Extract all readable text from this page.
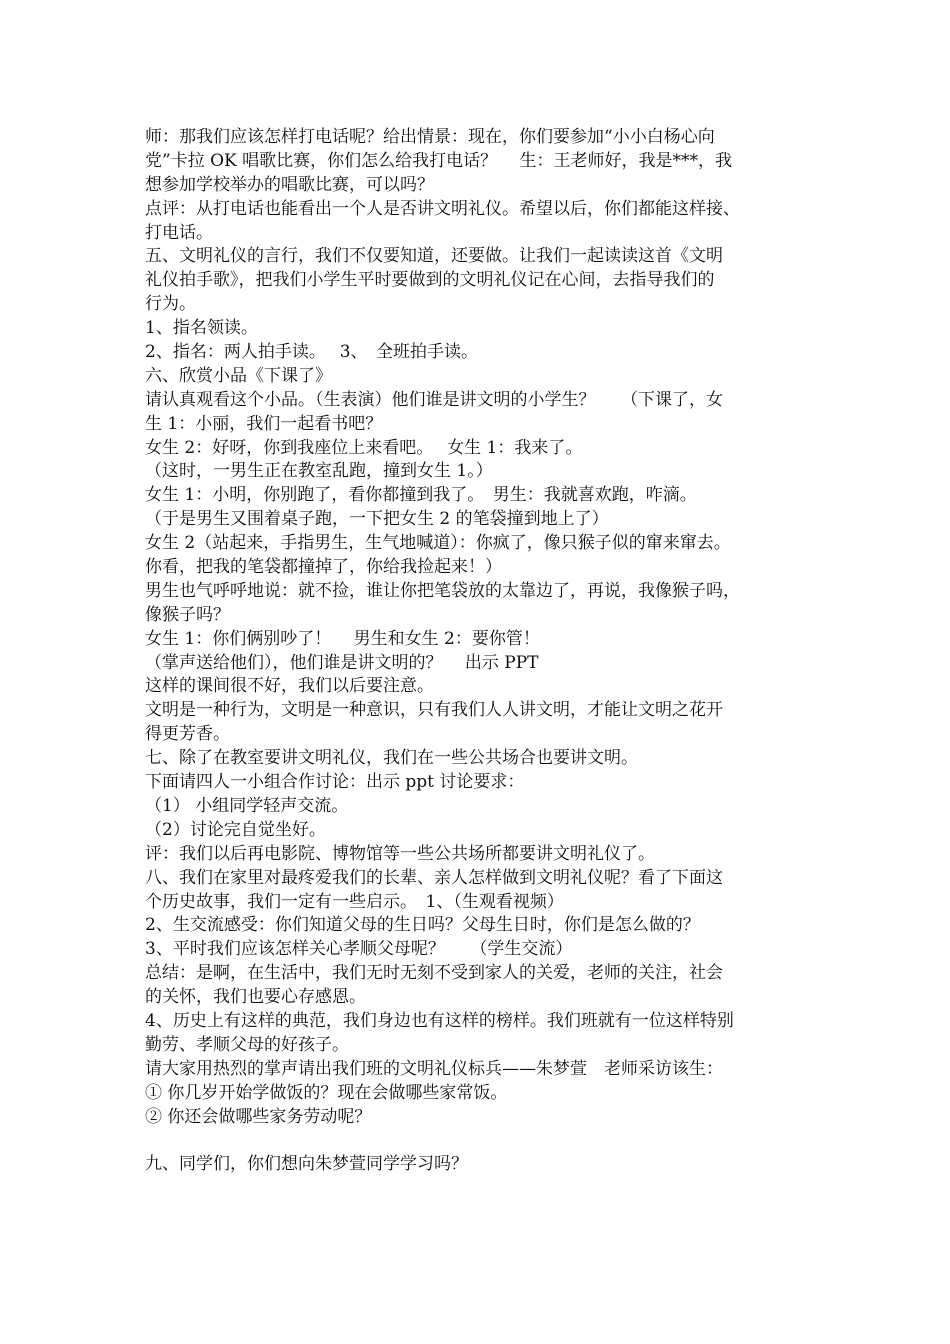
师：那我们应该怎样打电话呢？给出情景：现在，你们要参加“小小白杨心向
党”卡拉 OK 唱歌比赛，你们怎么给我打电话？　 生：王老师好，我是***，我
想参加学校举办的唱歌比赛，可以吗？
点评：从打电话也能看出一个人是否讲文明礼仪。希望以后，你们都能这样接、
打电话。
五、文明礼仪的言行，我们不仅要知道，还要做。让我们一起读读这首《文明
礼仪拍手歌》，把我们小学生平时要做到的文明礼仪记在心间，去指导我们的
行为。
1、指名领读。
2、指名：两人拍手读。　 3、　全班拍手读。
六、欣赏小品《下课了》
请认真观看这个小品。（生表演）他们谁是讲文明的小学生？　　（下课了，女
生 1：小丽，我们一起看书吧？
女生 2：好呀，你到我座位上来看吧。　 女生 1：我来了。
（这时，一男生正在教室乱跑，撞到女生 1。）
女生 1：小明，你别跑了，看你都撞到我了。　男生：我就喜欢跑，咋滴。
（于是男生又围着桌子跑，一下把女生 2 的笔袋撞到地上了）
女生 2（站起来，手指男生，生气地喊道）：你疯了，像只猴子似的窜来窜去。
你看，把我的笔袋都撞掉了，你给我捡起来！）
男生也气呼呼地说：就不捡，谁让你把笔袋放的太靠边了，再说，我像猴子吗，
像猴子吗？
女生 1：你们俩别吵了！　 男生和女生 2：要你管！
（掌声送给他们），他们谁是讲文明的？　 出示 PPT
这样的课间很不好，我们以后要注意。
文明是一种行为，文明是一种意识，只有我们人人讲文明，才能让文明之花开
得更芳香。
七、除了在教室要讲文明礼仪，我们在一些公共场合也要讲文明。
下面请四人一小组合作讨论：出示 ppt 讨论要求：
（1） 小组同学轻声交流。
（2）讨论完自觉坐好。
评：我们以后再电影院、博物馆等一些公共场所都要讲文明礼仪了。
八、我们在家里对最疼爱我们的长辈、亲人怎样做到文明礼仪呢？看了下面这
个历史故事，我们一定有一些启示。　1、（生观看视频）
2、生交流感受：你们知道父母的生日吗？父母生日时，你们是怎么做的？
3、平时我们应该怎样关心孝顺父母呢？　　（学生交流）
总结：是啊，在生活中，我们无时无刻不受到家人的关爱，老师的关注，社会
的关怀，我们也要心存感恩。
4、历史上有这样的典范，我们身边也有这样的榜样。我们班就有一位这样特别
勤劳、孝顺父母的好孩子。
请大家用热烈的掌声请出我们班的文明礼仪标兵——朱梦萱　老师采访该生：
① 你几岁开始学做饭的？现在会做哪些家常饭。
② 你还会做哪些家务劳动呢？
九、同学们，你们想向朱梦萱同学学习吗？
